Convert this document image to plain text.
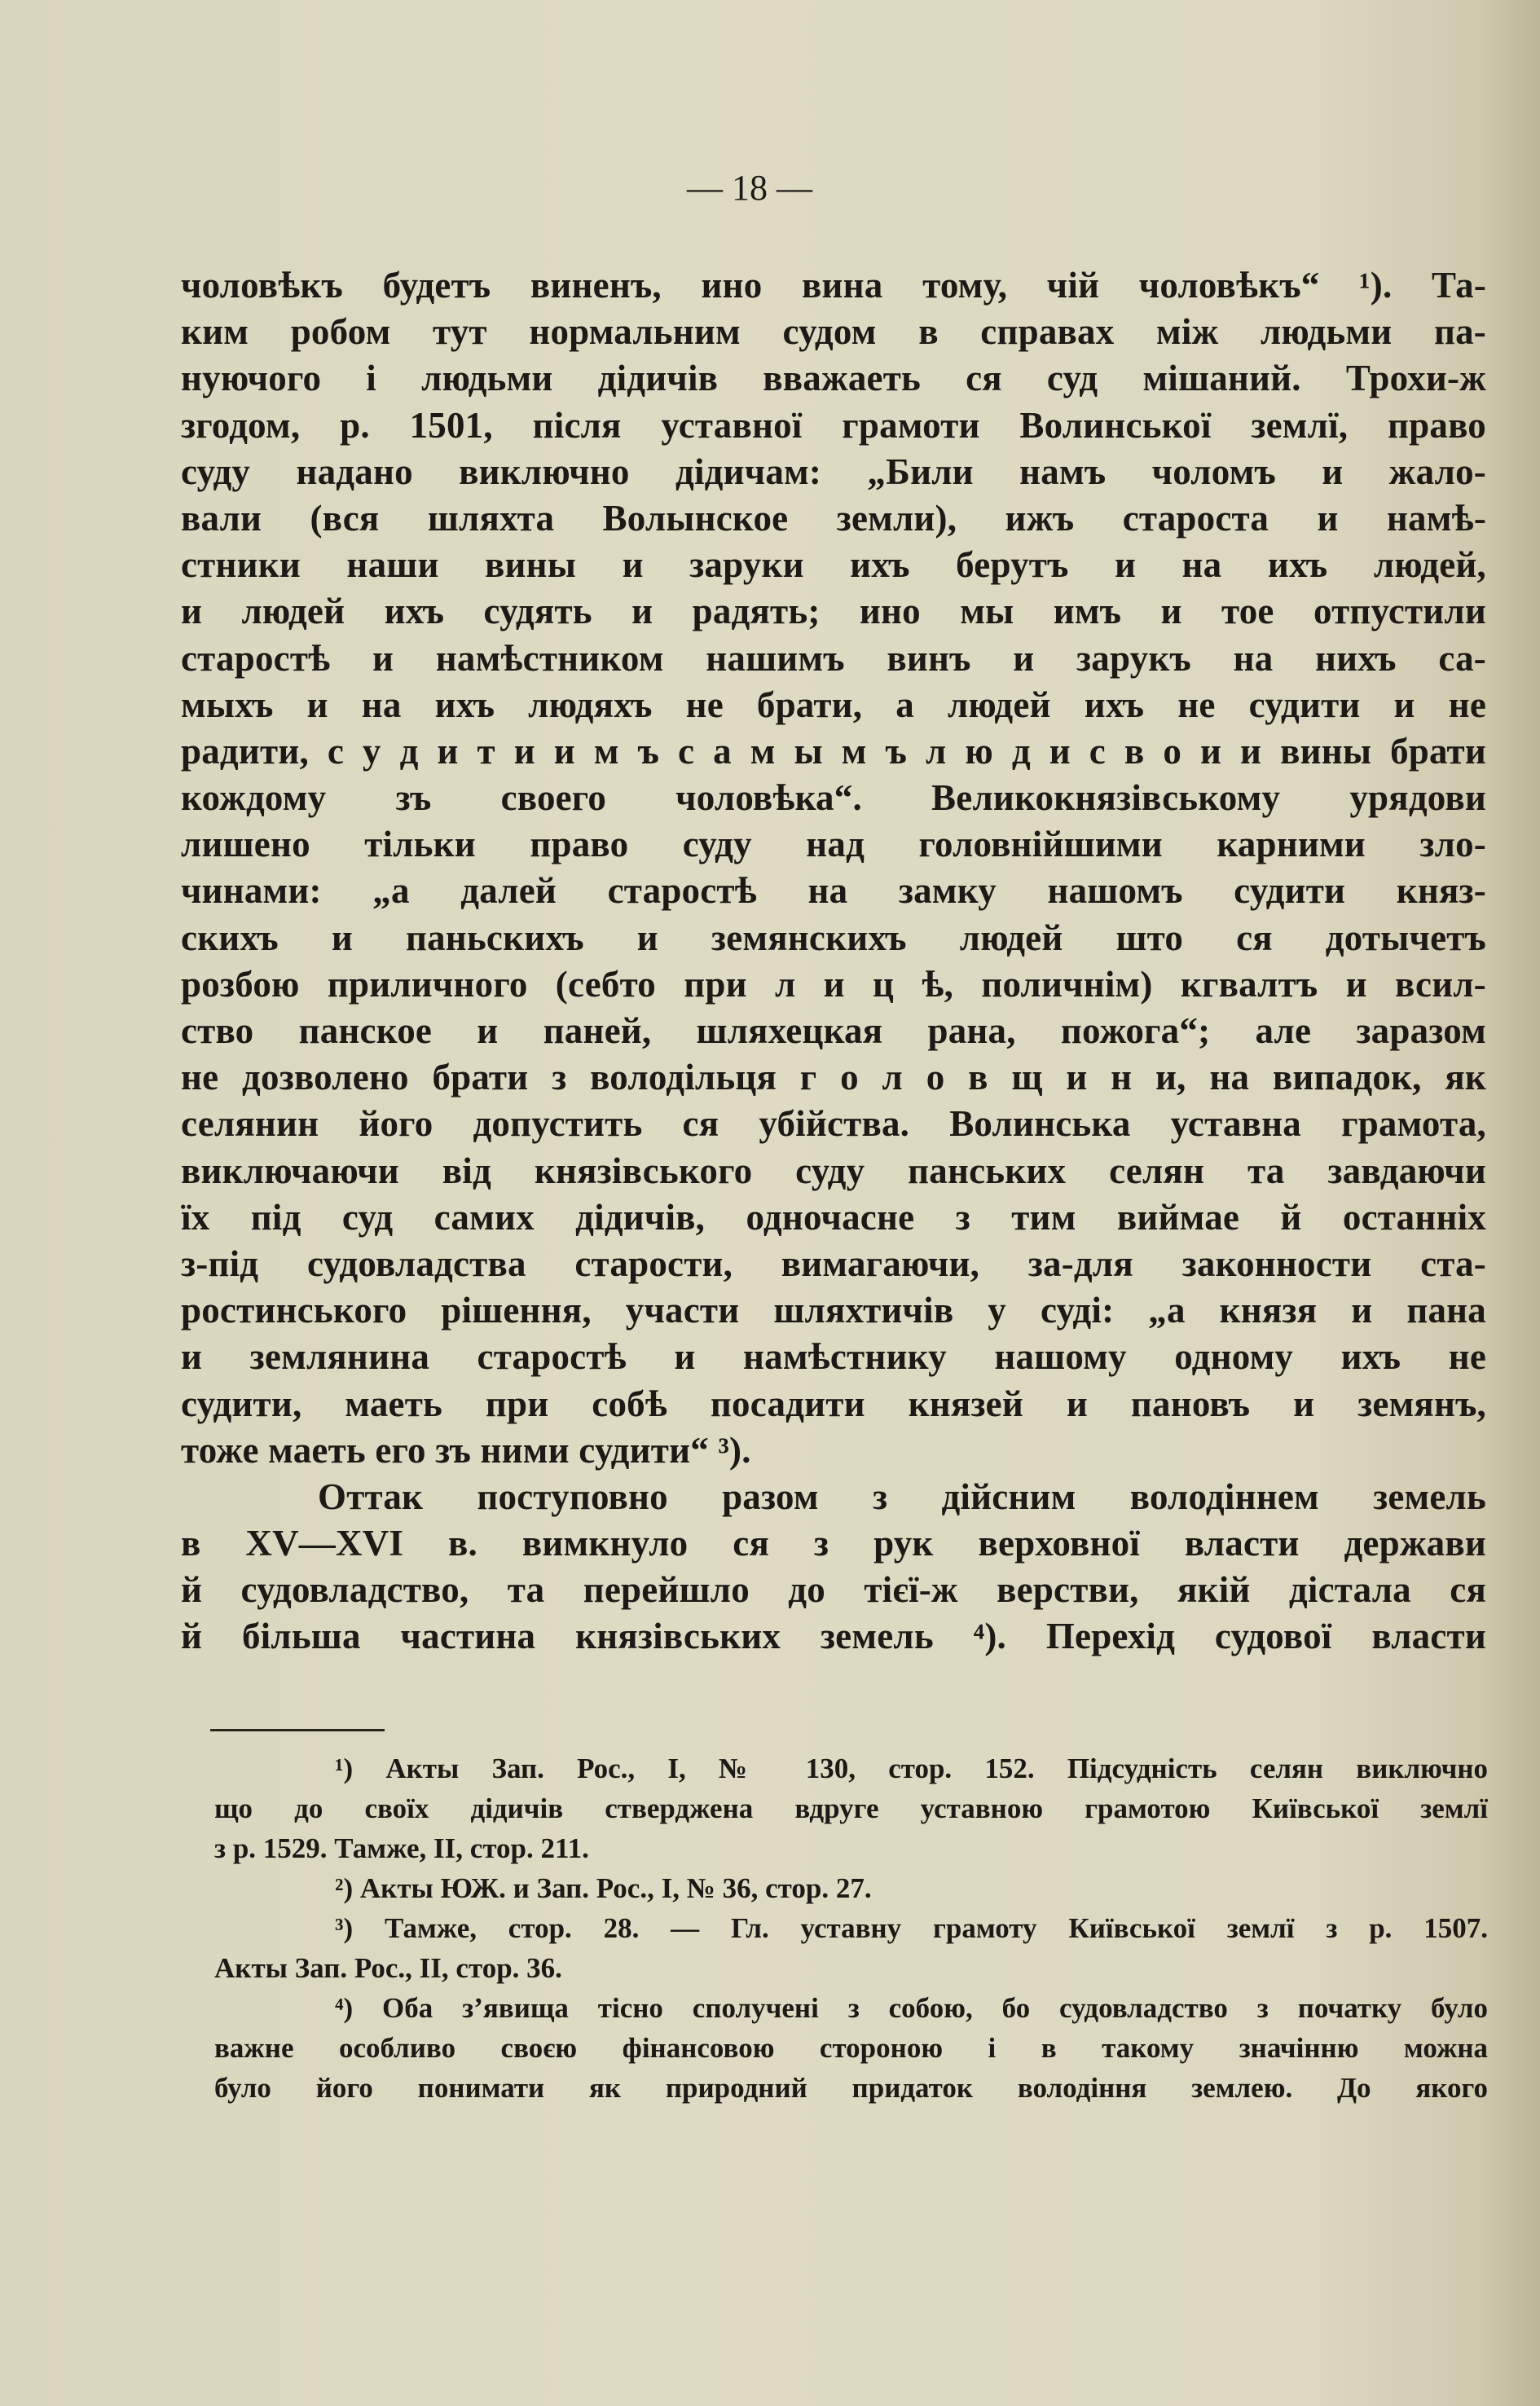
— 18 —
чоловѣкъ будетъ виненъ, ино вина тому, чій чоловѣкъ“ ¹). Та-
ким робом тут нормальним судом в справах між людьми па-
нуючого і людьми дідичів вважаеть ся суд мішаний. Трохи-ж
згодом, р. 1501, після уставної грамоти Волинської землї, право
суду надано виключно дідичам: „Били намъ чоломъ и жало-
вали (вся шляхта Волынское земли), ижъ староста и намѣ-
стники наши вины и заруки ихъ берутъ и на ихъ людей,
и людей ихъ судять и радять; ино мы имъ и тое отпустили
старостѣ и намѣстником нашимъ винъ и зарукъ на нихъ са-
мыхъ и на ихъ людяхъ не брати, а людей ихъ не судити и не
радити, с у д и т и и м ъ с а м ы м ъ л ю д и с в о и и вины брати
кождому зъ своего чоловѣка“. Великокнязівському урядови
лишено тільки право суду над головнійшими карними зло-
чинами: „а далей старостѣ на замку нашомъ судити княз-
скихъ и паньскихъ и земянскихъ людей што ся дотычетъ
розбою приличного (себто при л и ц ѣ, поличнім) кгвалтъ и всил-
ство панское и паней, шляхецкая рана, пожога“; але заразом
не дозволено брати з володільця г о л о в щ и н и, на випадок, як
селянин його допустить ся убійства. Волинська уставна грамота,
виключаючи від князівського суду панських селян та завдаючи
їх під суд самих дідичів, одночасне з тим виймае й останніх
з-під судовладства старости, вимагаючи, за-для законности ста-
ростинського рішення, участи шляхтичів у суді: „а князя и пана
и землянина старостѣ и намѣстнику нашому одному ихъ не
судити, маеть при собѣ посадити князей и пановъ и земянъ,
тоже маеть его зъ ними судити“ ³).
Оттак поступовно разом з дійсним володіннем земель
в XV—XVI в. вимкнуло ся з рук верховної власти держави
й судовладство, та перейшло до тієї-ж верстви, якій дістала ся
й більша частина князівських земель ⁴). Перехід судової власти
¹) Акты Зап. Рос., I, № 130, стор. 152. Підсудність селян виключно
що до своїх дідичів стверджена вдруге уставною грамотою Київської землї
з р. 1529. Тамже, II, стор. 211.
²) Акты ЮЖ. и Зап. Рос., I, № 36, стор. 27.
³) Тамже, стор. 28. — Гл. уставну грамоту Київської землї з р. 1507.
Акты Зап. Рос., II, стор. 36.
⁴) Оба з’явища тісно сполучені з собою, бо судовладство з початку було
важне особливо своєю фінансовою стороною і в такому значінню можна
було його понимати як природний придаток володіння землею. До якого
